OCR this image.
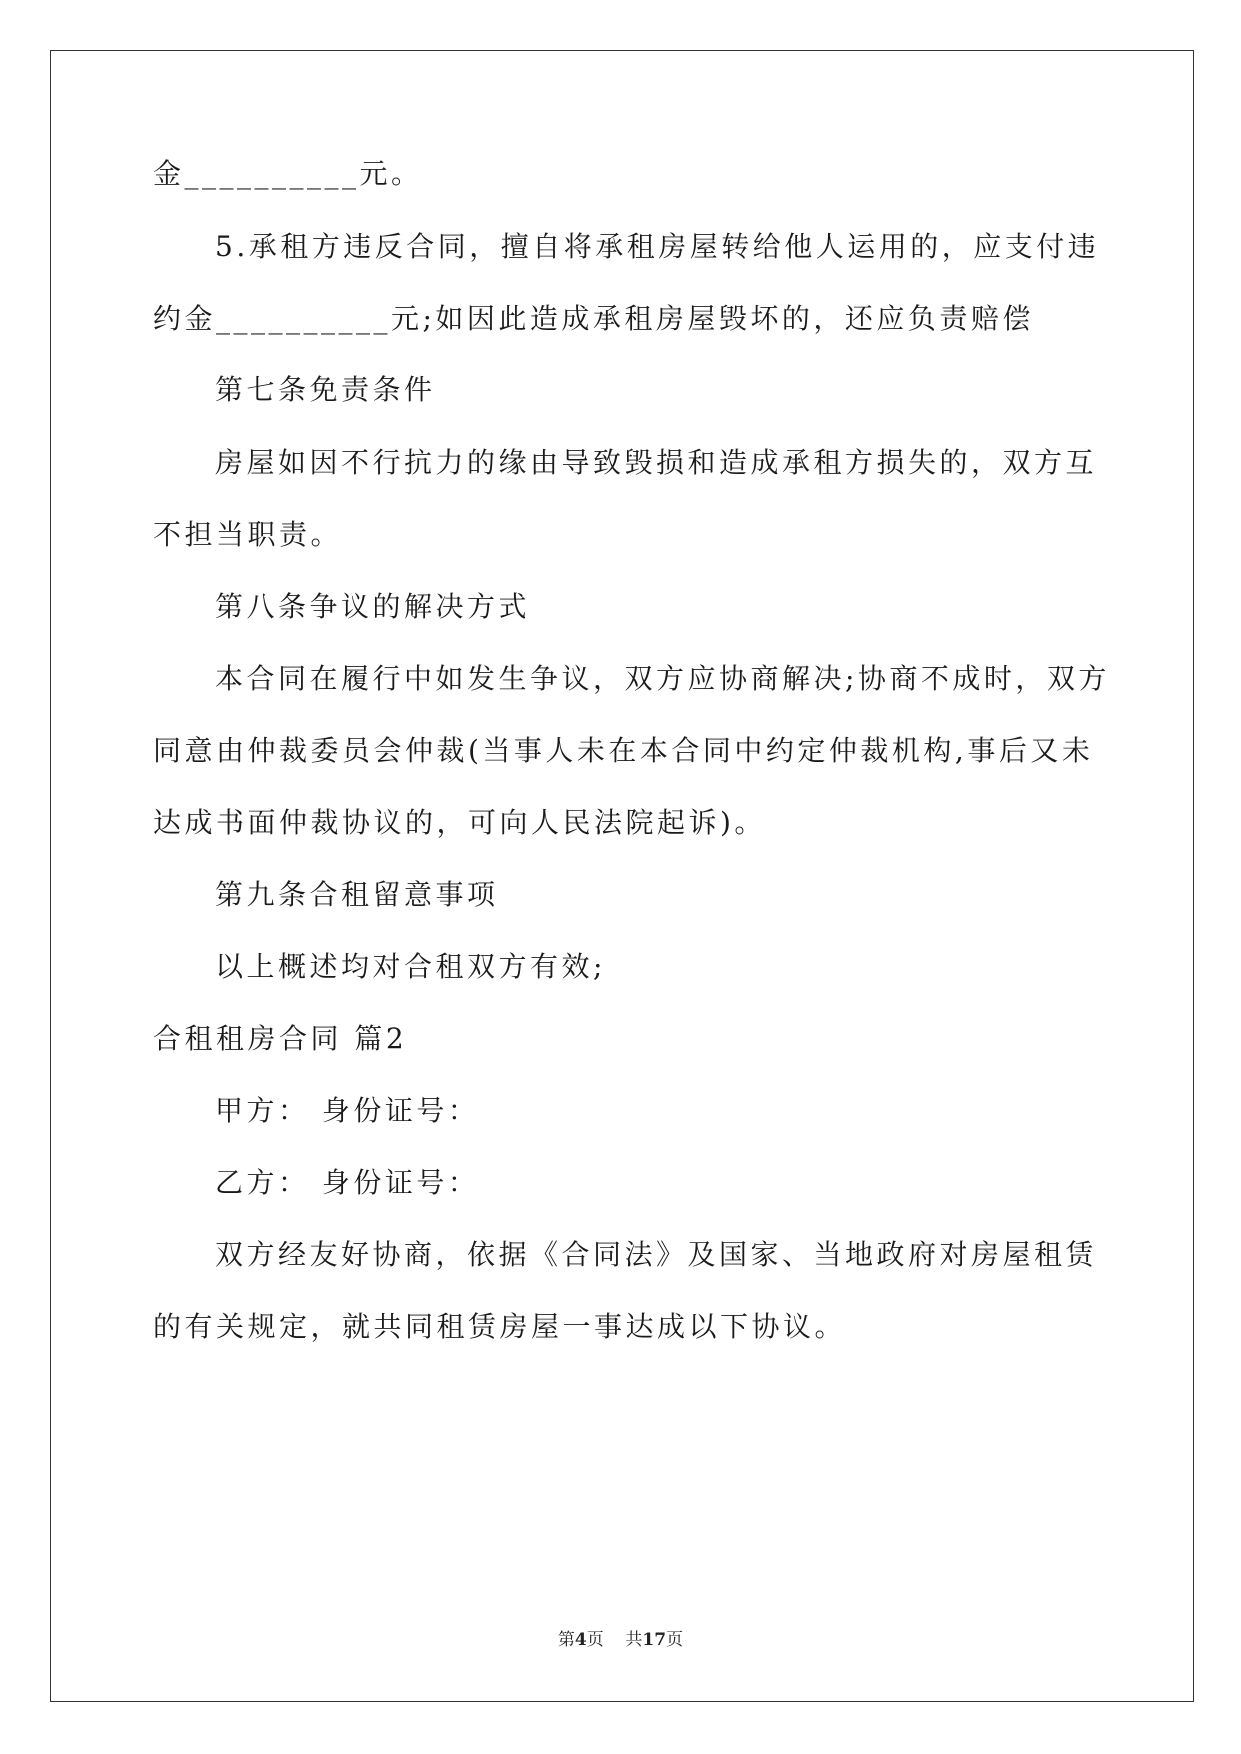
金__________元。
5.承租方违反合同，擅自将承租房屋转给他人运用的，应支付违
约金__________元;如因此造成承租房屋毁坏的，还应负责赔偿
第七条免责条件
房屋如因不行抗力的缘由导致毁损和造成承租方损失的，双方互
不担当职责。
第八条争议的解决方式
本合同在履行中如发生争议，双方应协商解决;协商不成时，双方
同意由仲裁委员会仲裁(当事人未在本合同中约定仲裁机构,事后又未
达成书面仲裁协议的，可向人民法院起诉)。
第九条合租留意事项
以上概述均对合租双方有效;
合租租房合同 篇2
甲方： 身份证号：
乙方： 身份证号：
双方经友好协商，依据《合同法》及国家、当地政府对房屋租赁
的有关规定，就共同租赁房屋一事达成以下协议。
第4页    共17页
